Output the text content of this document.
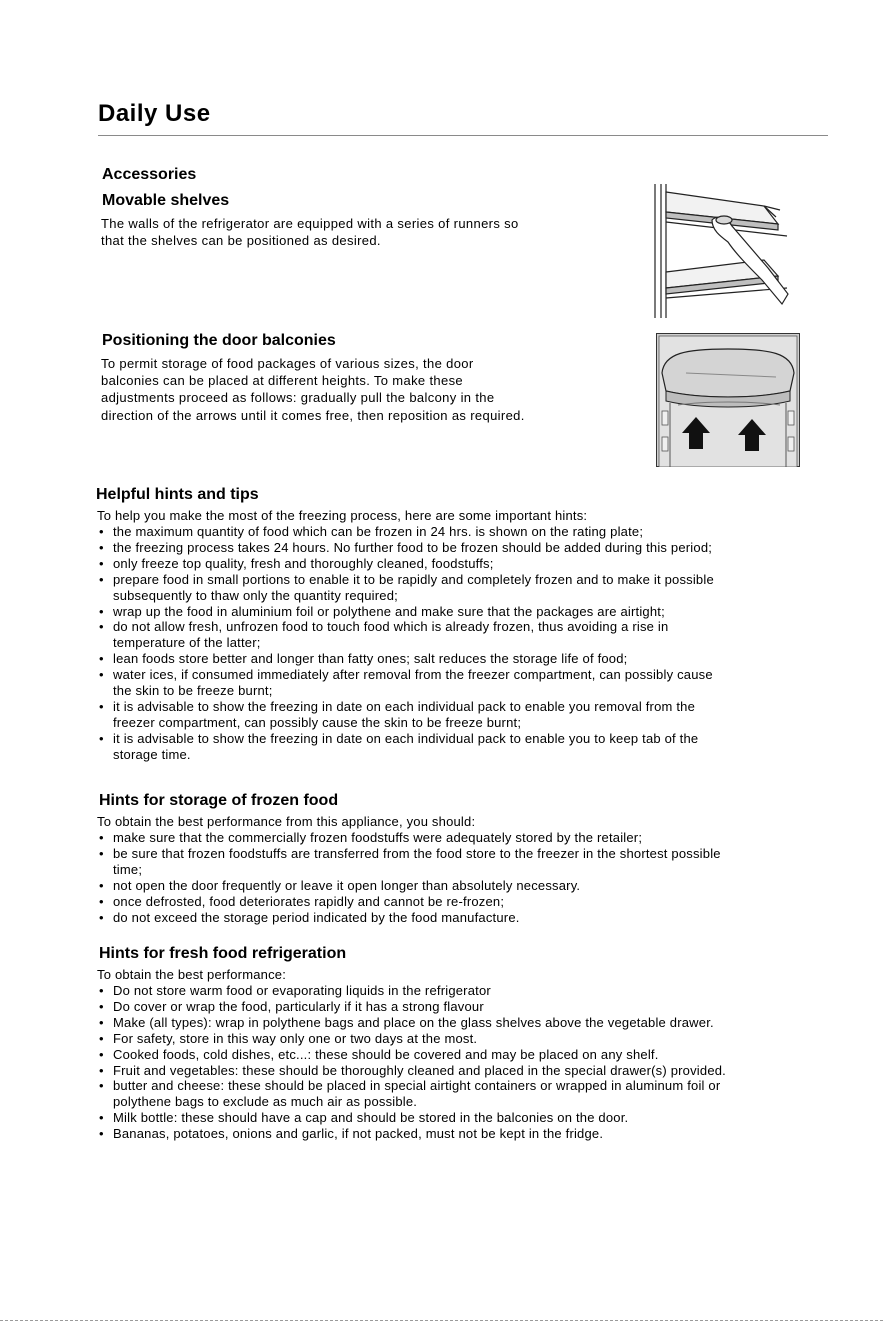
Daily Use
Accessories
Movable shelves
The walls of the refrigerator are equipped with a series of runners so
that the shelves can be positioned as desired.
Positioning the door balconies
To permit storage of food packages of various sizes, the door
balconies can be placed at different heights. To make these
adjustments proceed as follows: gradually pull the balcony in the
direction of the arrows until it comes free, then reposition as required.
Helpful hints and tips
To help you make the most of the freezing process, here are some important hints:
• the maximum quantity of food which can be frozen in 24 hrs. is shown on the rating plate;
• the freezing process takes 24 hours. No further food to be frozen should be added during this period;
• only freeze top quality, fresh and thoroughly cleaned, foodstuffs;
• prepare food in small portions to enable it to be rapidly and completely frozen and to make it possible
subsequently to thaw only the quantity required;
• wrap up the food in aluminium foil or polythene and make sure that the packages are airtight;
• do not allow fresh, unfrozen food to touch food which is already frozen, thus avoiding a rise in
temperature of the latter;
• lean foods store better and longer than fatty ones; salt reduces the storage life of food;
• water ices, if consumed immediately after removal from the freezer compartment, can possibly cause
the skin to be freeze burnt;
• it is advisable to show the freezing in date on each individual pack to enable you removal from the
freezer compartment, can possibly cause the skin to be freeze burnt;
• it is advisable to show the freezing in date on each individual pack to enable you to keep tab of the
storage time.
Hints for storage of frozen food
To obtain the best performance from this appliance, you should:
• make sure that the commercially frozen foodstuffs were adequately stored by the retailer;
• be sure that frozen foodstuffs are transferred from the food store to the freezer in the shortest possible
time;
• not open the door frequently or leave it open longer than absolutely necessary.
• once defrosted, food deteriorates rapidly and cannot be re-frozen;
• do not exceed the storage period indicated by the food manufacture.
Hints for fresh food refrigeration
To obtain the best performance:
• Do not store warm food or evaporating liquids in the refrigerator
• Do cover or wrap the food, particularly if it has a strong flavour
• Make (all types): wrap in polythene bags and place on the glass shelves above the vegetable drawer.
• For safety, store in this way only one or two days at the most.
• Cooked foods, cold dishes, etc...: these should be covered and may be placed on any shelf.
• Fruit and vegetables: these should be thoroughly cleaned and placed in the special drawer(s) provided.
• butter and cheese: these should be placed in special airtight containers or wrapped in aluminum foil or
polythene bags to exclude as much air as possible.
• Milk bottle: these should have a cap and should be stored in the balconies on the door.
• Bananas, potatoes, onions and garlic, if not packed, must not be kept in the fridge.
